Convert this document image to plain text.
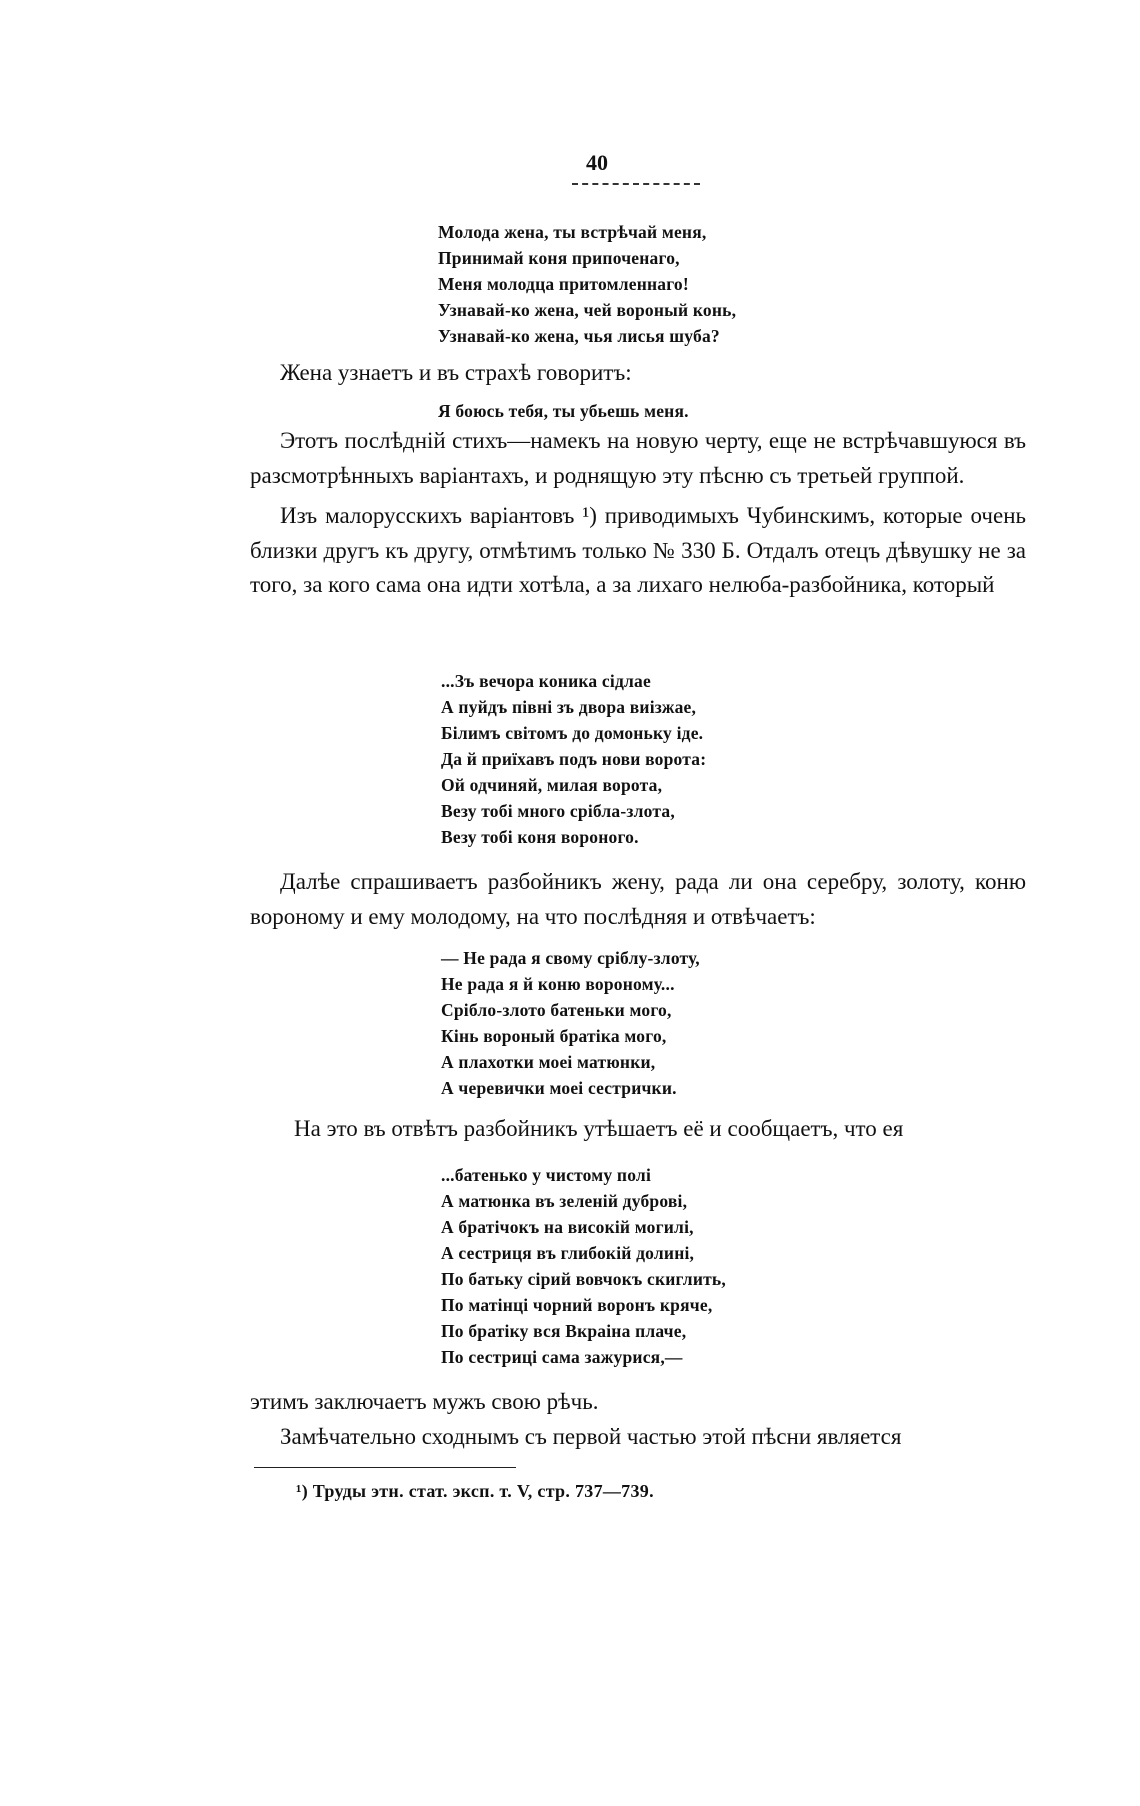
40
Молода жена, ты встрѣчай меня,
Принимай коня припоченаго,
Меня молодца притомленнаго!
Узнавай-ко жена, чей вороный конь,
Узнавай-ко жена, чья лисья шуба?

Жена узнаетъ и въ страхѣ говоритъ:

Я боюсь тебя, ты убьешь меня.

Этотъ послѣдній стихъ—намекъ на новую черту, еще не встрѣчавшуюся въ разсмотрѣнныхъ варіантахъ, и роднящую эту пѣсню съ третьей группой.

Изъ малорусскихъ варіантовъ ¹) приводимыхъ Чубинскимъ, которые очень близки другъ къ другу, отмѣтимъ только № 330 Б. Отдалъ отецъ дѣвушку не за того, за кого сама она идти хотѣла, а за лихаго нелюба-разбойника, который

...Зъ вечора коника сідлае
А пуйдъ півні зъ двора виізжае,
Білимъ світомъ до домоньку іде.
Да й приїхавъ подъ нови ворота:
Ой одчиняй, милая ворота,
Везу тобі много срібла-злота,
Везу тобі коня вороного.

Далѣе спрашиваетъ разбойникъ жену, рада ли она серебру, золоту, коню вороному и ему молодому, на что послѣдняя и отвѣчаетъ:

— Не рада я свому сріблу-злоту,
Не рада я й коню вороному...
Срібло-злото батеньки мого,
Кінь вороный братіка мого,
А плахотки моеі матюнки,
А черевички моеі сестрички.

На это въ отвѣтъ разбойникъ утѣшаетъ её и сообщаетъ, что ея

...батенько у чистому полі
А матюнка въ зеленій дуброві,
А братічокъ на високій могилі,
А сестриця въ глибокій долині,
По батьку сірий вовчокъ скиглить,
По матінці чорний воронъ кряче,
По братіку вся Вкраіна плаче,
По сестриці сама зажурися,—

этимъ заключаетъ мужъ свою рѣчь.

Замѣчательно сходнымъ съ первой частью этой пѣсни является

¹) Труды этн. стат. эксп. т. V, стр. 737—739.
